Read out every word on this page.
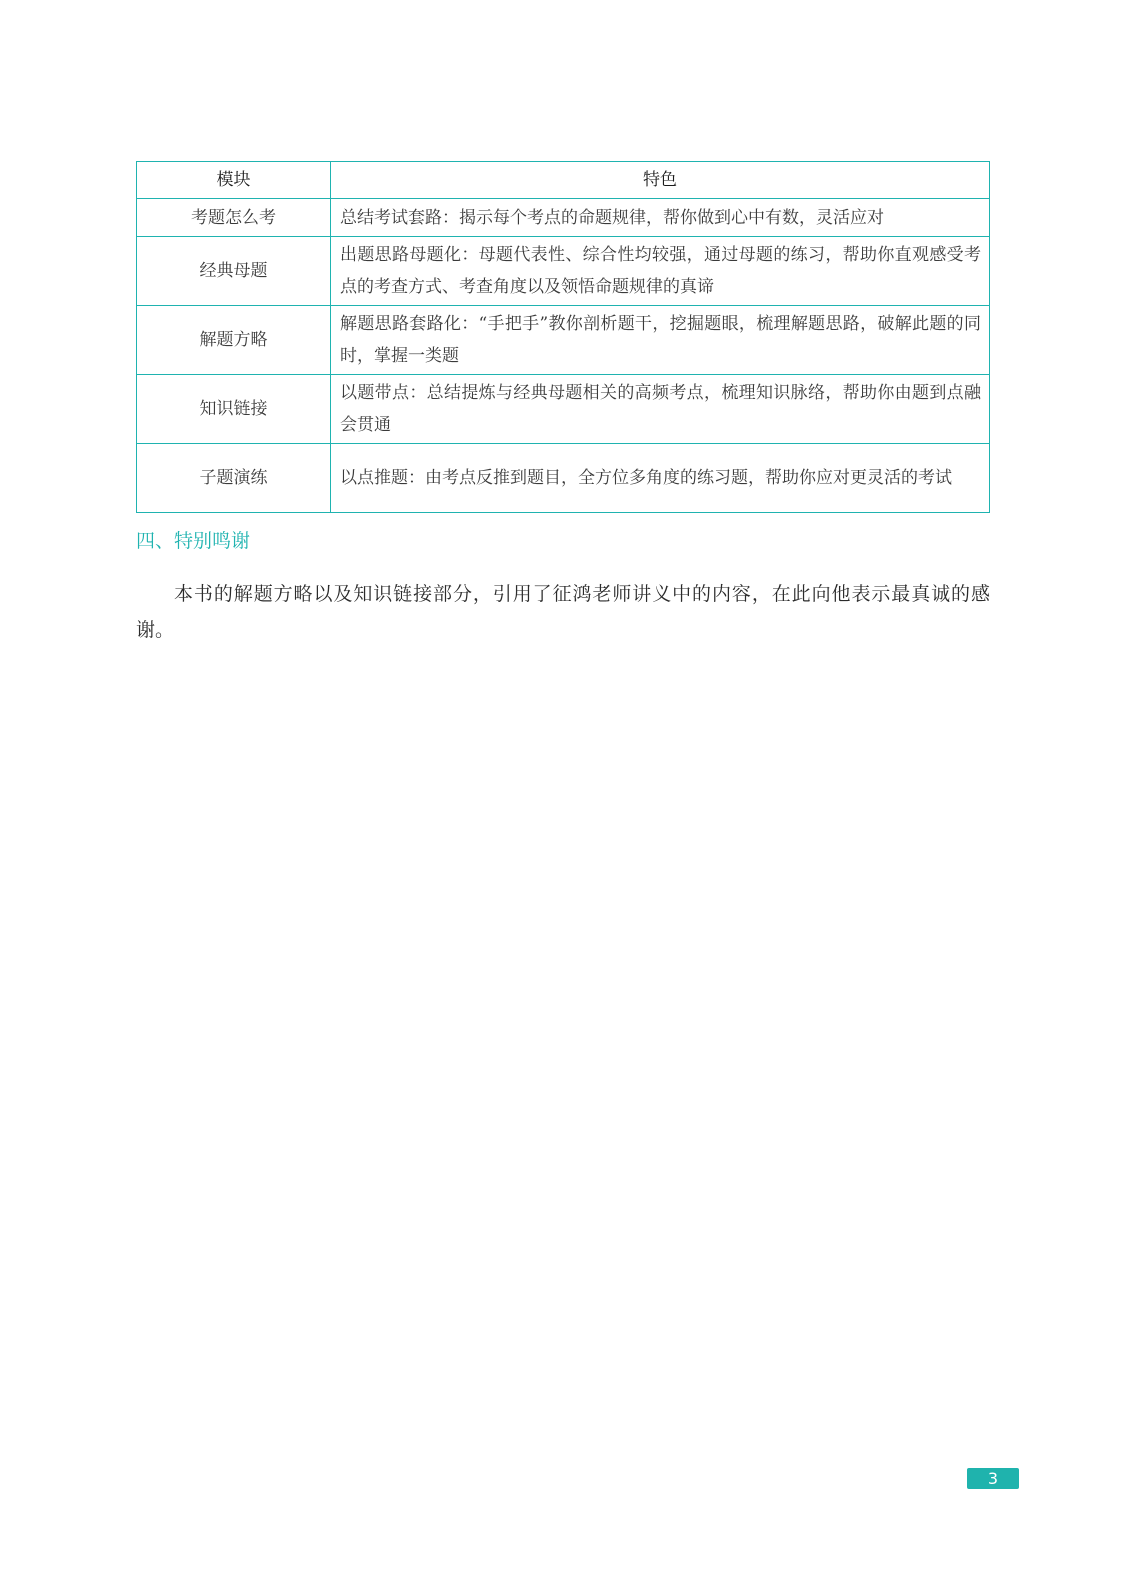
模块	特色
考题怎么考	总结考试套路：揭示每个考点的命题规律，帮你做到心中有数，灵活应对
经典母题	出题思路母题化：母题代表性、综合性均较强，通过母题的练习，帮助你直观感受考点的考查方式、考查角度以及领悟命题规律的真谛
解题方略	解题思路套路化：“手把手”教你剖析题干，挖掘题眼，梳理解题思路，破解此题的同时，掌握一类题
知识链接	以题带点：总结提炼与经典母题相关的高频考点，梳理知识脉络，帮助你由题到点融会贯通
子题演练	以点推题：由考点反推到题目，全方位多角度的练习题，帮助你应对更灵活的考试
四、特别鸣谢

本书的解题方略以及知识链接部分，引用了征鸿老师讲义中的内容，在此向他表示最真诚的感谢。

3
